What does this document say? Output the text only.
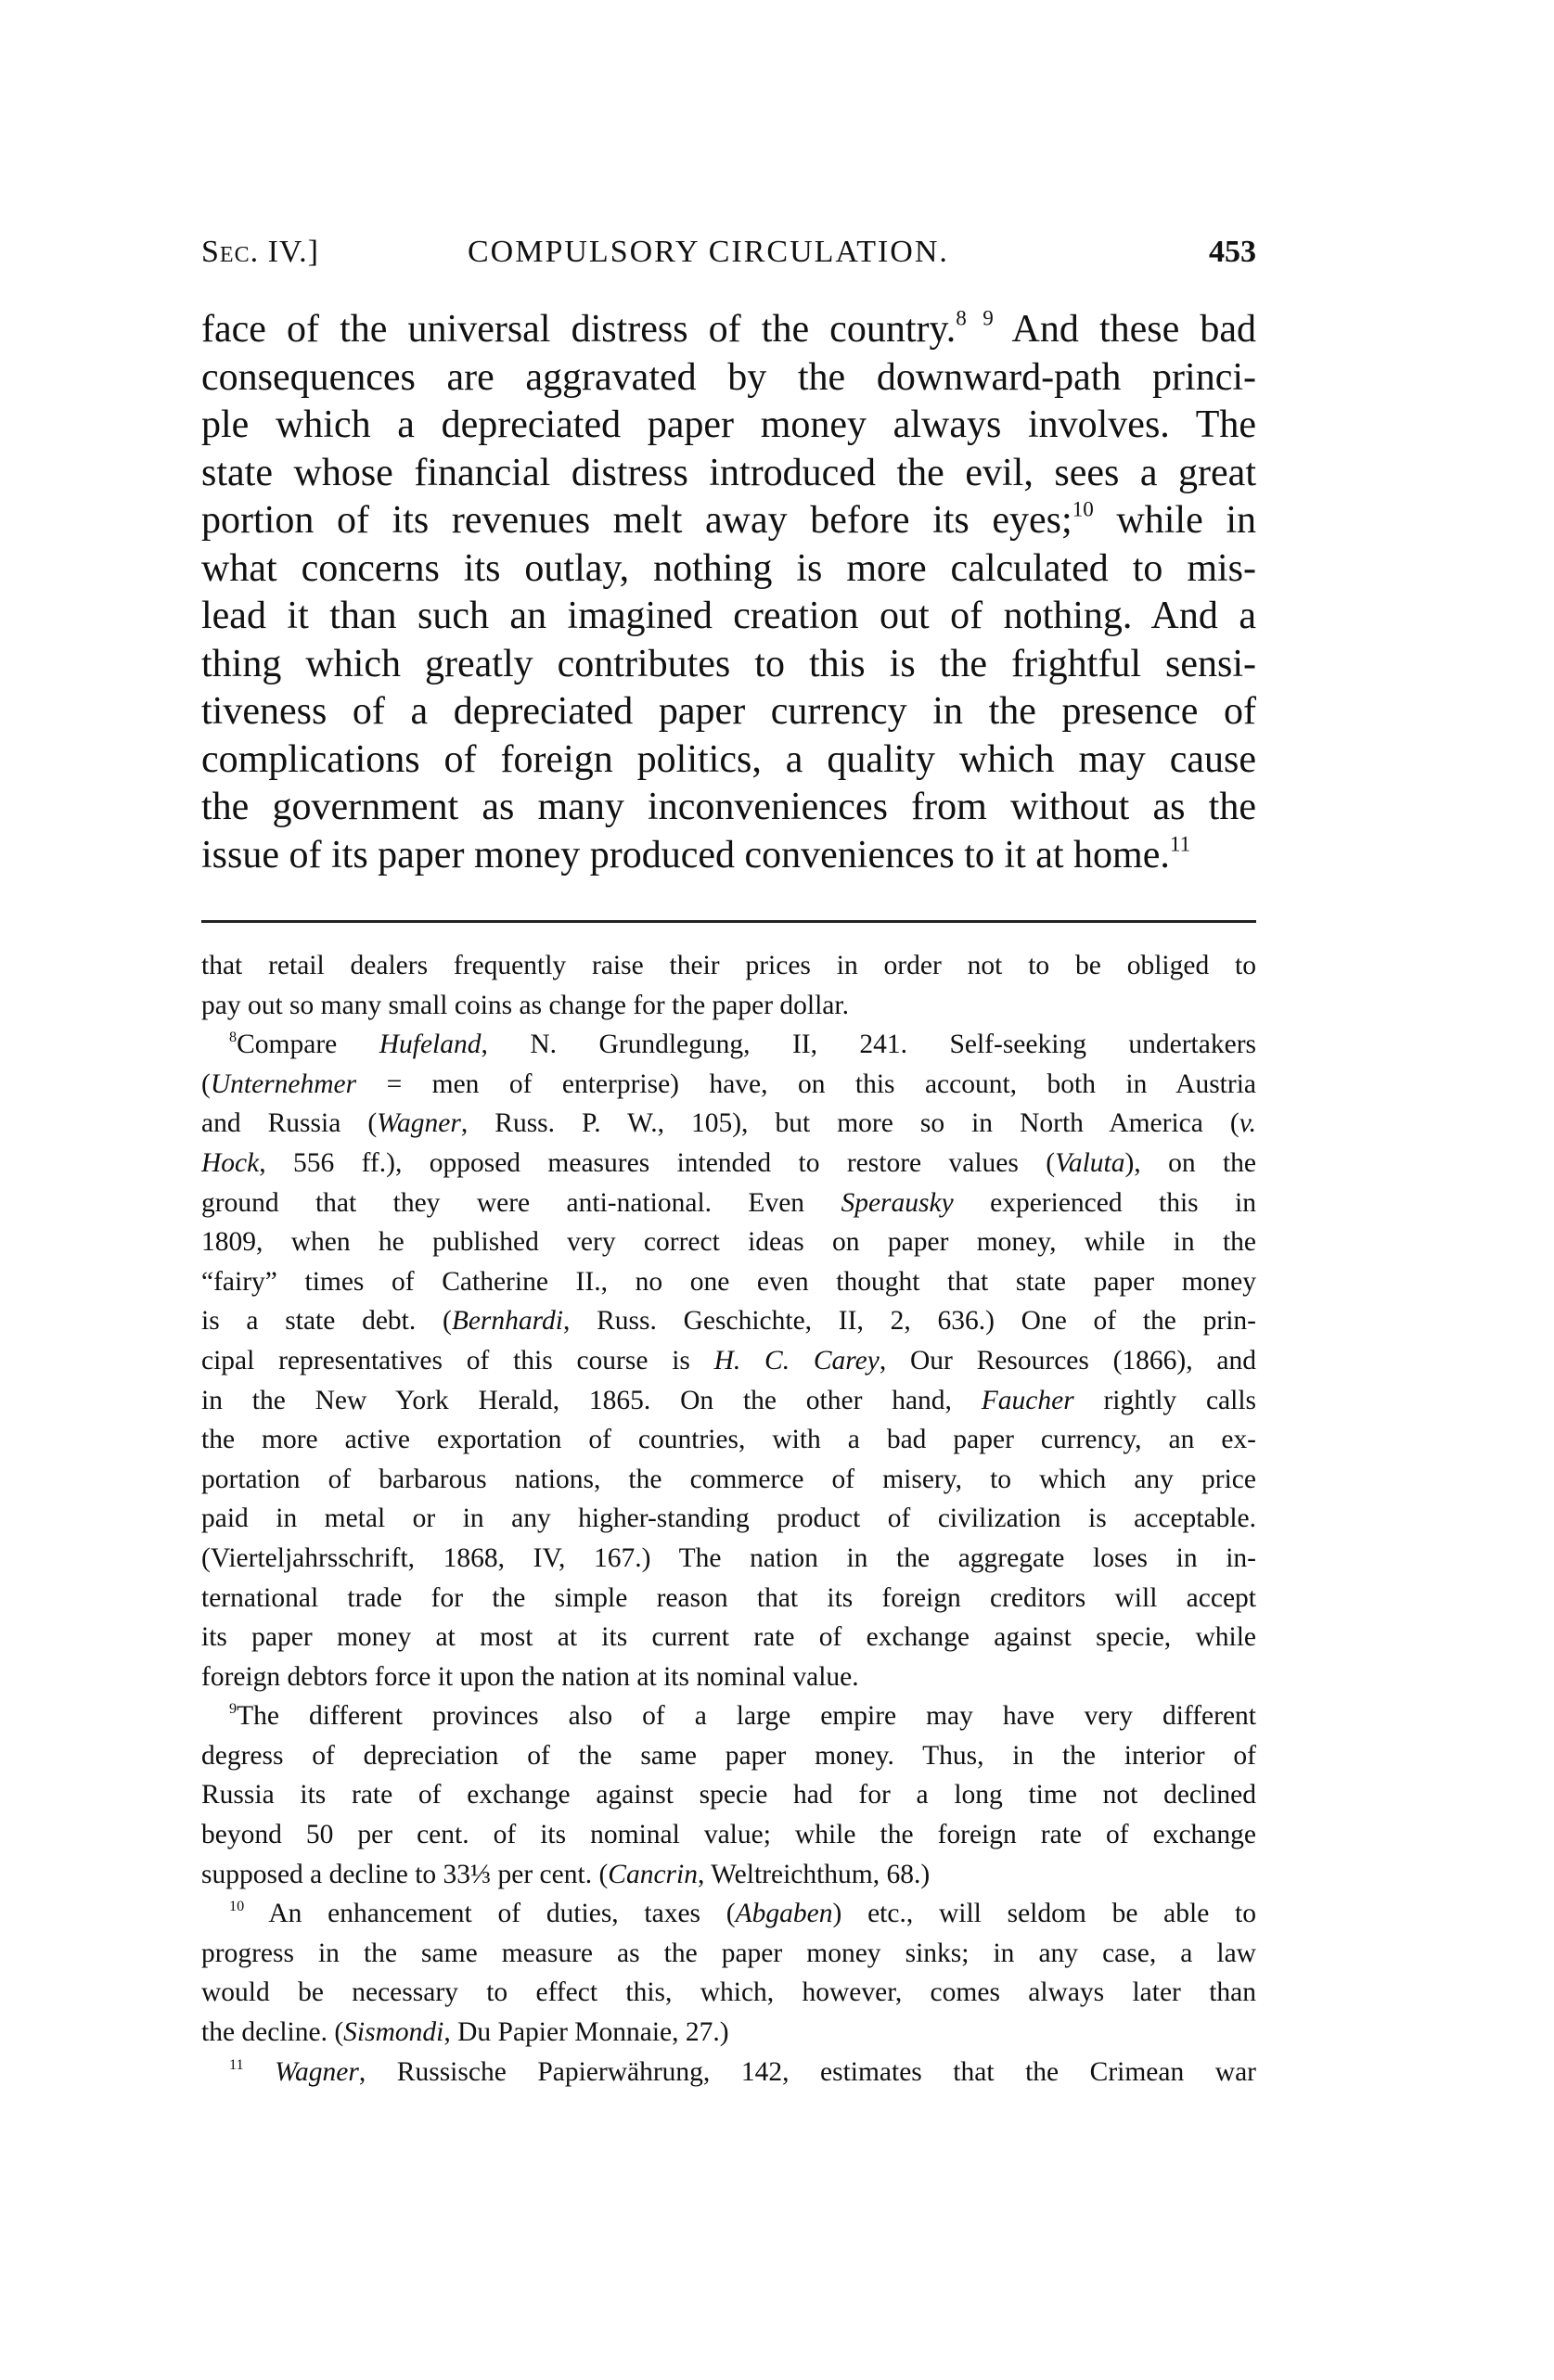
Sec. IV.]	COMPULSORY CIRCULATION.	453
face of the universal distress of the country.$^{8 9}$ And these bad
consequences are aggravated by the downward-path princi-
ple which a depreciated paper money always involves. The
state whose financial distress introduced the evil, sees a great
portion of its revenues melt away before its eyes;$^{10}$ while in
what concerns its outlay, nothing is more calculated to mis-
lead it than such an imagined creation out of nothing. And a
thing which greatly contributes to this is the frightful sensi-
tiveness of a depreciated paper currency in the presence of
complications of foreign politics, a quality which may cause
the government as many inconveniences from without as the
issue of its paper money produced conveniences to it at home.$^{11}$
that retail dealers frequently raise their prices in order not to be obliged to
pay out so many small coins as change for the paper dollar.
$^8$Compare Hufeland, N. Grundlegung, II, 241. Self-seeking undertakers
(Unternehmer = men of enterprise) have, on this account, both in Austria
and Russia (Wagner, Russ. P. W., 105), but more so in North America (v.
Hock, 556 ff.), opposed measures intended to restore values (Valuta), on the
ground that they were anti-national. Even Sperausky experienced this in
1809, when he published very correct ideas on paper money, while in the
“fairy” times of Catherine II., no one even thought that state paper money
is a state debt. (Bernhardi, Russ. Geschichte, II, 2, 636.) One of the prin-
cipal representatives of this course is H. C. Carey, Our Resources (1866), and
in the New York Herald, 1865. On the other hand, Faucher rightly calls
the more active exportation of countries, with a bad paper currency, an ex-
portation of barbarous nations, the commerce of misery, to which any price
paid in metal or in any higher-standing product of civilization is acceptable.
(Vierteljahrsschrift, 1868, IV, 167.) The nation in the aggregate loses in in-
ternational trade for the simple reason that its foreign creditors will accept
its paper money at most at its current rate of exchange against specie, while
foreign debtors force it upon the nation at its nominal value.
$^9$The different provinces also of a large empire may have very different
degress of depreciation of the same paper money. Thus, in the interior of
Russia its rate of exchange against specie had for a long time not declined
beyond 50 per cent. of its nominal value; while the foreign rate of exchange
supposed a decline to 33⅓ per cent. (Cancrin, Weltreichthum, 68.)
$^{10}$ An enhancement of duties, taxes (Abgaben) etc., will seldom be able to
progress in the same measure as the paper money sinks; in any case, a law
would be necessary to effect this, which, however, comes always later than
the decline. (Sismondi, Du Papier Monnaie, 27.)
$^{11}$ Wagner, Russische Papierwährung, 142, estimates that the Crimean war
